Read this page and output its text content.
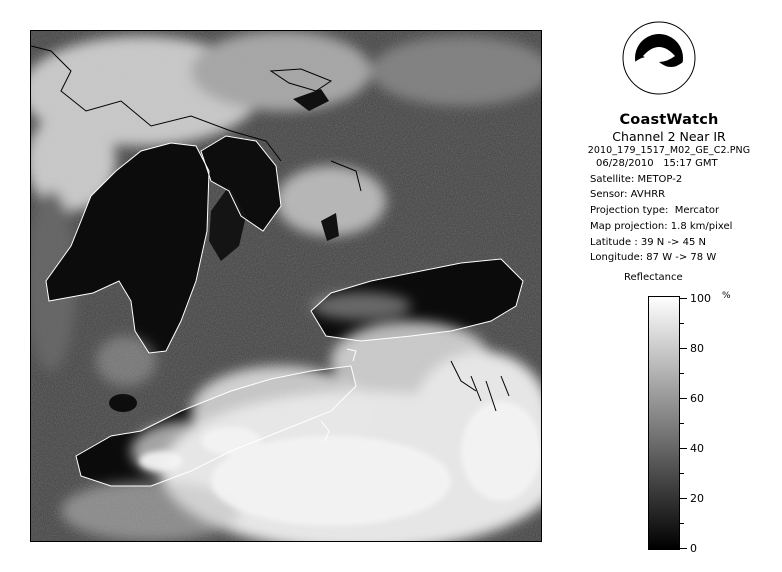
NOAA
CoastWatch
Channel 2 Near IR
2010_179_1517_M02_GE_C2.PNG
06/28/2010 15:17 GMT
Satellite: METOP-2
Sensor: AVHRR
Projection type:  Mercator
Map projection: 1.8 km/pixel
Latitude : 39 N -> 45 N
Longitude: 87 W -> 78 W
Reflectance
%
100
80
60
40
20
0
